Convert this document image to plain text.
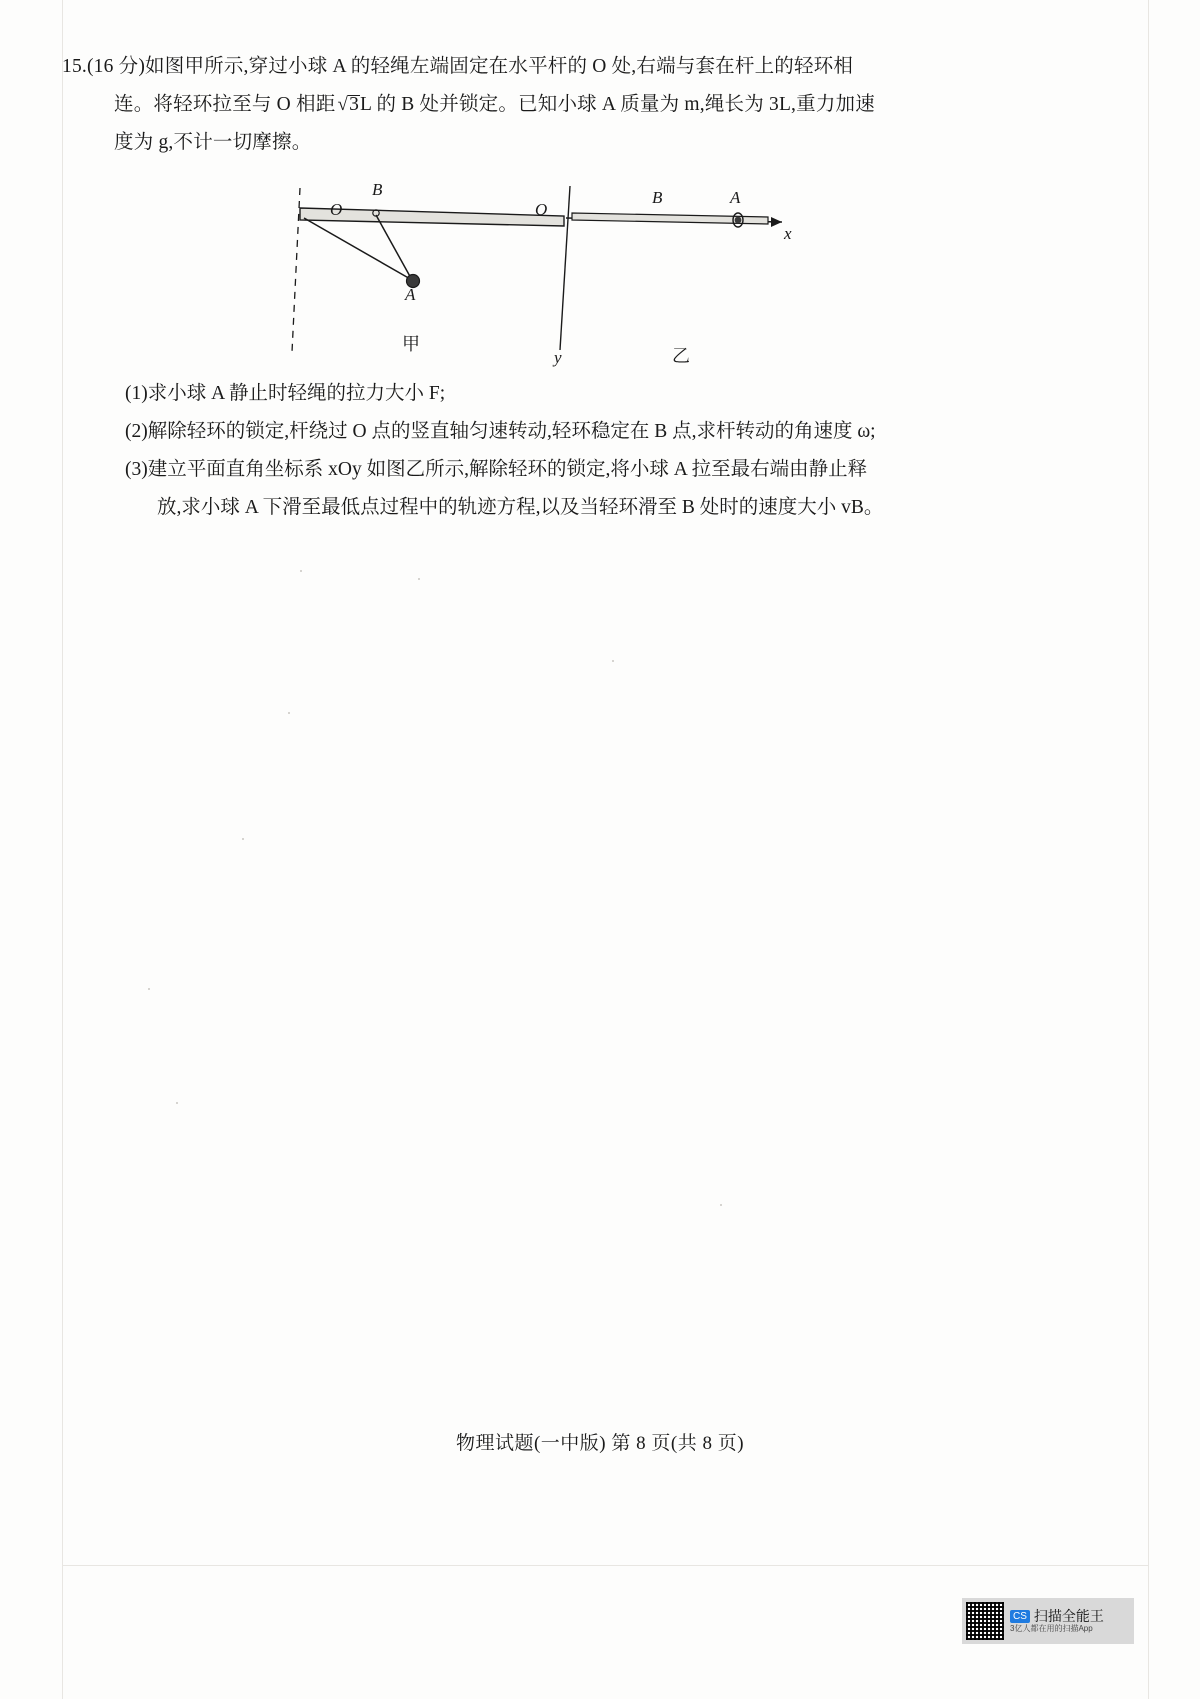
15.(16 分)如图甲所示,穿过小球 A 的轻绳左端固定在水平杆的 O 处,右端与套在杆上的轻环相
连。将轻环拉至与 O 相距 √3L 的 B 处并锁定。已知小球 A 质量为 m,绳长为 3L,重力加速
度为 g,不计一切摩擦。
O
B
A
甲
O
B	A
x
y	乙
(1)求小球 A 静止时轻绳的拉力大小 F;
(2)解除轻环的锁定,杆绕过 O 点的竖直轴匀速转动,轻环稳定在 B 点,求杆转动的角速度 ω;
(3)建立平面直角坐标系 xOy 如图乙所示,解除轻环的锁定,将小球 A 拉至最右端由静止释
放,求小球 A 下滑至最低点过程中的轨迹方程,以及当轻环滑至 B 处时的速度大小 vB。
物理试题(一中版) 第 8 页(共 8 页)
CS 扫描全能王
3亿人都在用的扫描App
